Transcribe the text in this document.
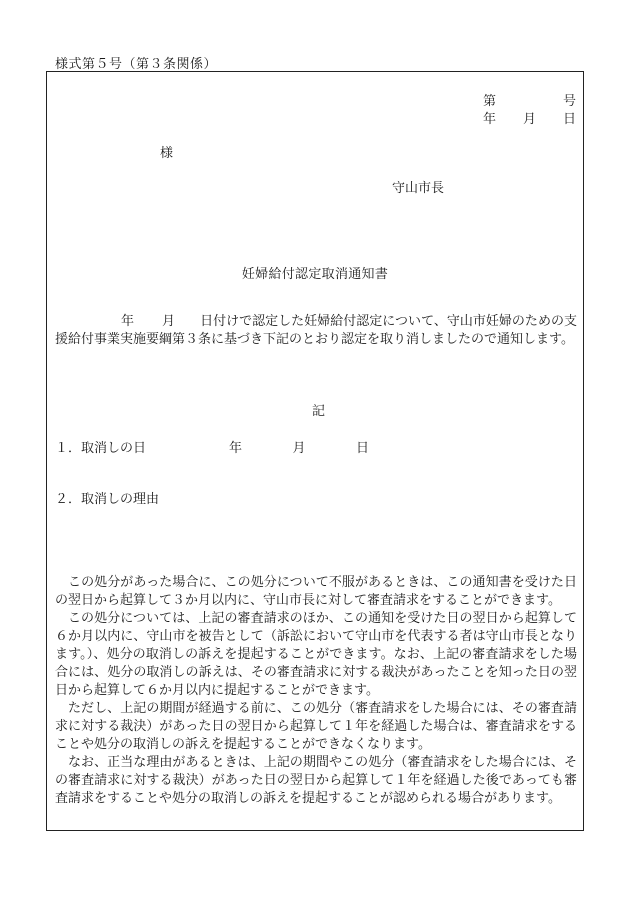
様式第５号（第３条関係）
第	号
年 月 日
様
守山市長
妊婦給付認定取消通知書
年 月 日付けで認定した妊婦給付認定について、守山市妊婦のための支援給付事業実施要綱第３条に基づき下記のとおり認定を取り消しましたので通知します。
記
１．取消しの日	年	月	日
２．取消しの理由

この処分があった場合に、この処分について不服があるときは、この通知書を受けた日の翌日から起算して３か月以内に、守山市長に対して審査請求をすることができます。

この処分については、上記の審査請求のほか、この通知を受けた日の翌日から起算して６か月以内に、守山市を被告として（訴訟において守山市を代表する者は守山市長となります。）、処分の取消しの訴えを提起することができます。なお、上記の審査請求をした場合には、処分の取消しの訴えは、その審査請求に対する裁決があったことを知った日の翌日から起算して６か月以内に提起することができます。

ただし、上記の期間が経過する前に、この処分（審査請求をした場合には、その審査請求に対する裁決）があった日の翌日から起算して１年を経過した場合は、審査請求をすることや処分の取消しの訴えを提起することができなくなります。

なお、正当な理由があるときは、上記の期間やこの処分（審査請求をした場合には、その審査請求に対する裁決）があった日の翌日から起算して１年を経過した後であっても審査請求をすることや処分の取消しの訴えを提起することが認められる場合があります。
